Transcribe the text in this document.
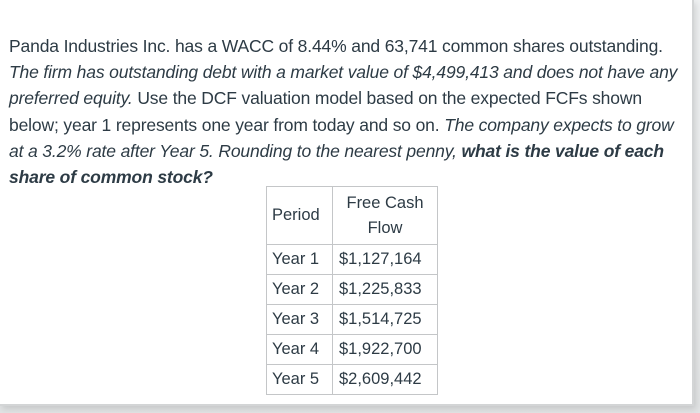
Panda Industries Inc. has a WACC of 8.44% and 63,741 common shares outstanding. The firm has outstanding debt with a market value of $4,499,413 and does not have any preferred equity. Use the DCF valuation model based on the expected FCFs shown below; year 1 represents one year from today and so on. The company expects to grow at a 3.2% rate after Year 5. Rounding to the nearest penny, what is the value of each share of common stock?
Period	Free Cash
Flow

Year 1	$1,127,164
Year 2	$1,225,833
Year 3	$1,514,725
Year 4	$1,922,700
Year 5	$2,609,442
